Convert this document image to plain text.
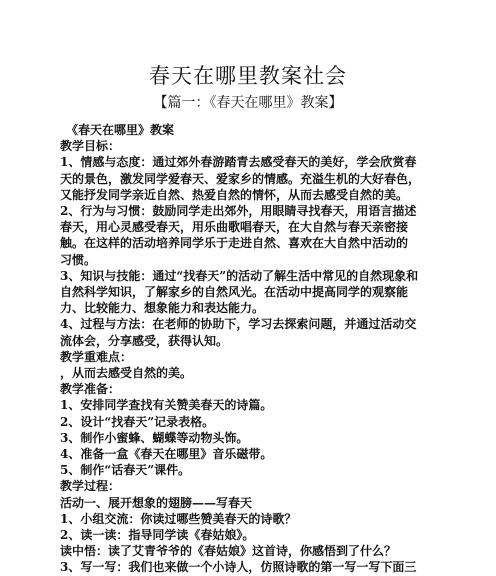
春天在哪里教案社会
【篇一：《春天在哪里》教案】
《春天在哪里》教案
教学目标：
1、情感与态度：通过郊外春游踏青去感受春天的美好，学会欣赏春
天的景色，激发同学爱春天、爱家乡的情感。充溢生机的大好春色，
又能抒发同学亲近自然、热爱自然的情怀，从而去感受自然的美。
2、行为与习惯：鼓励同学走出郊外，用眼睛寻找春天，用语言描述
春天，用心灵感受春天，用乐曲歌唱春天，在大自然与春天亲密接
触。在这样的活动培养同学乐于走进自然、喜欢在大自然中活动的
习惯。
3、知识与技能：通过“找春天”的活动了解生活中常见的自然现象和
自然科学知识，了解家乡的自然风光。在活动中提高同学的观察能
力、比较能力、想象能力和表达能力。
4、过程与方法：在老师的协助下，学习去探索问题，并通过活动交
流体会，分享感受，获得认知。
教学重难点：
，从而去感受自然的美。
教学准备：
1、安排同学查找有关赞美春天的诗篇。
2、设计“找春天”记录表格。
3、制作小蜜蜂、蝴蝶等动物头饰。
4、准备一盒《春天在哪里》音乐磁带。
5、制作“话春天”课件。
教学过程：
活动一、展开想象的翅膀——写春天
1、小组交流：你读过哪些赞美春天的诗歌？
2、读一读：指导同学读《春姑娘》。
读中悟：读了艾青爷爷的《春姑娘》这首诗，你感悟到了什么？
3、写一写：我们也来做一个小诗人，仿照诗歌的第一写一写下面三
